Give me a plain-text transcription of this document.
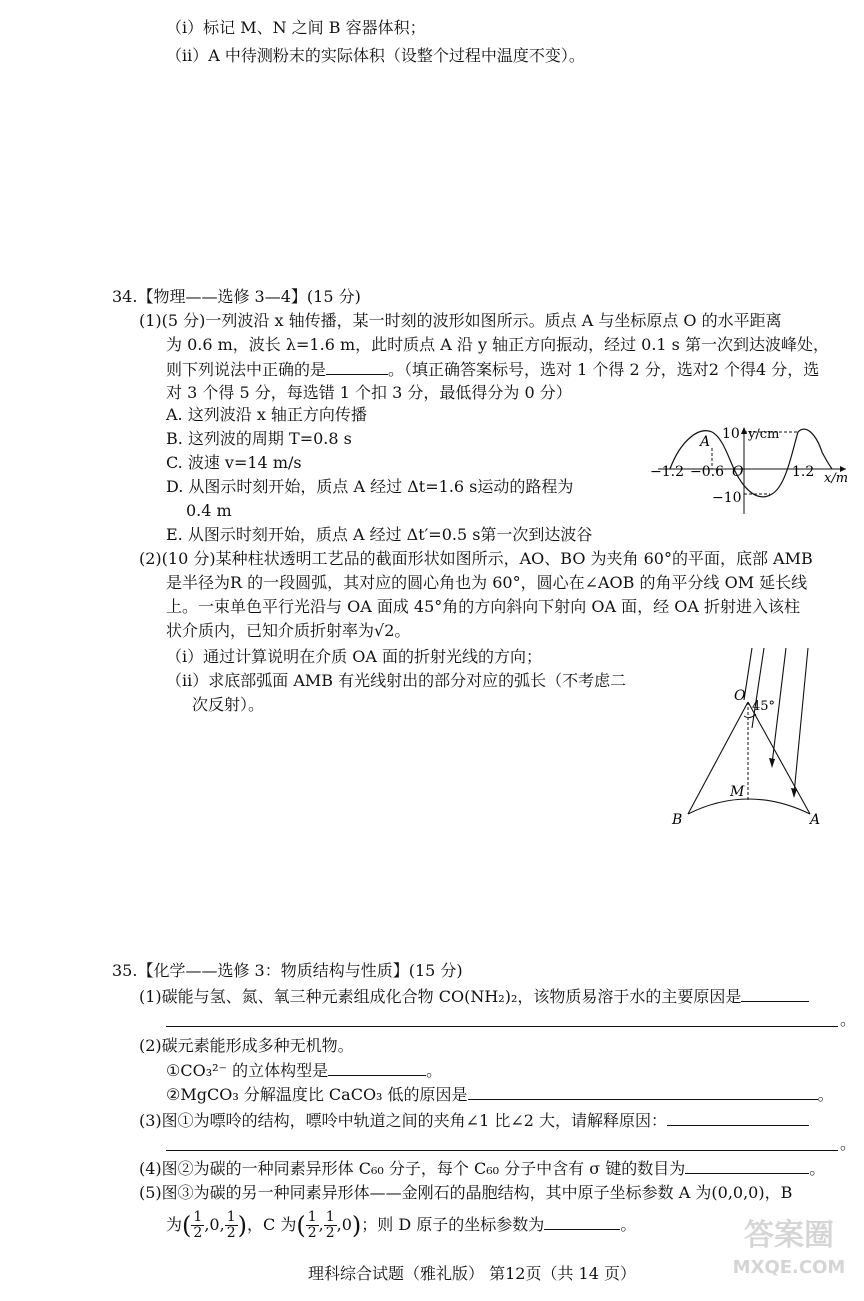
（ⅰ）标记 M、N 之间 B 容器体积；
（ⅱ）A 中待测粉末的实际体积（设整个过程中温度不变）。
34.【物理——选修 3—4】(15 分)
(1)(5 分)一列波沿 x 轴传播，某一时刻的波形如图所示。质点 A 与坐标原点 O 的水平距离
为 0.6 m，波长 λ=1.6 m，此时质点 A 沿 y 轴正方向振动，经过 0.1 s 第一次到达波峰处，
则下列说法中正确的是	。（填正确答案标号，选对 1 个得 2 分，选对2 个得4 分，选
对 3 个得 5 分，每选错 1 个扣 3 分，最低得分为 0 分）
A. 这列波沿 x 轴正方向传播
B. 这列波的周期 T=0.8 s
C. 波速 v=14 m/s
D. 从图示时刻开始，质点 A 经过 Δt=1.6 s运动的路程为
0.4 m
E. 从图示时刻开始，质点 A 经过 Δt′=0.5 s第一次到达波谷
y/cm
x/m
O
A 10
−10
−1.2 −0.6	1.2
(2)(10 分)某种柱状透明工艺品的截面形状如图所示，AO、BO 为夹角 60°的平面，底部 AMB
是半径为R 的一段圆弧，其对应的圆心角也为 60°，圆心在∠AOB 的角平分线 OM 延长线
上。一束单色平行光沿与 OA 面成 45°角的方向斜向下射向 OA 面，经 OA 折射进入该柱
状介质内，已知介质折射率为√2。
（ⅰ）通过计算说明在介质 OA 面的折射光线的方向；
（ⅱ）求底部弧面 AMB 有光线射出的部分对应的弧长（不考虑二
次反射）。	O
45°
M
B	A
35.【化学——选修 3：物质结构与性质】(15 分)
(1)碳能与氢、氮、氧三种元素组成化合物 CO(NH₂)₂，该物质易溶于水的主要原因是
。
(2)碳元素能形成多种无机物。
①CO₃²⁻ 的立体构型是	。
②MgCO₃ 分解温度比 CaCO₃ 低的原因是	。
(3)图①为嘌呤的结构，嘌呤中轨道之间的夹角∠1 比∠2 大，请解释原因：
。
(4)图②为碳的一种同素异形体 C₆₀ 分子，每个 C₆₀ 分子中含有 σ 键的数目为	。
(5)图③为碳的另一种同素异形体——金刚石的晶胞结构，其中原子坐标参数 A 为(0,0,0)，B
为( $\frac{1}{2} ,0$, $\frac{1}{2}$ )，C 为( $\frac{1}{2}$ , $\frac{1}{2} ,0$)；则 D 原子的坐标参数为	。
理科综合试题（雅礼版） 第12页（共 14 页）
答案圈
MXQE.COM
